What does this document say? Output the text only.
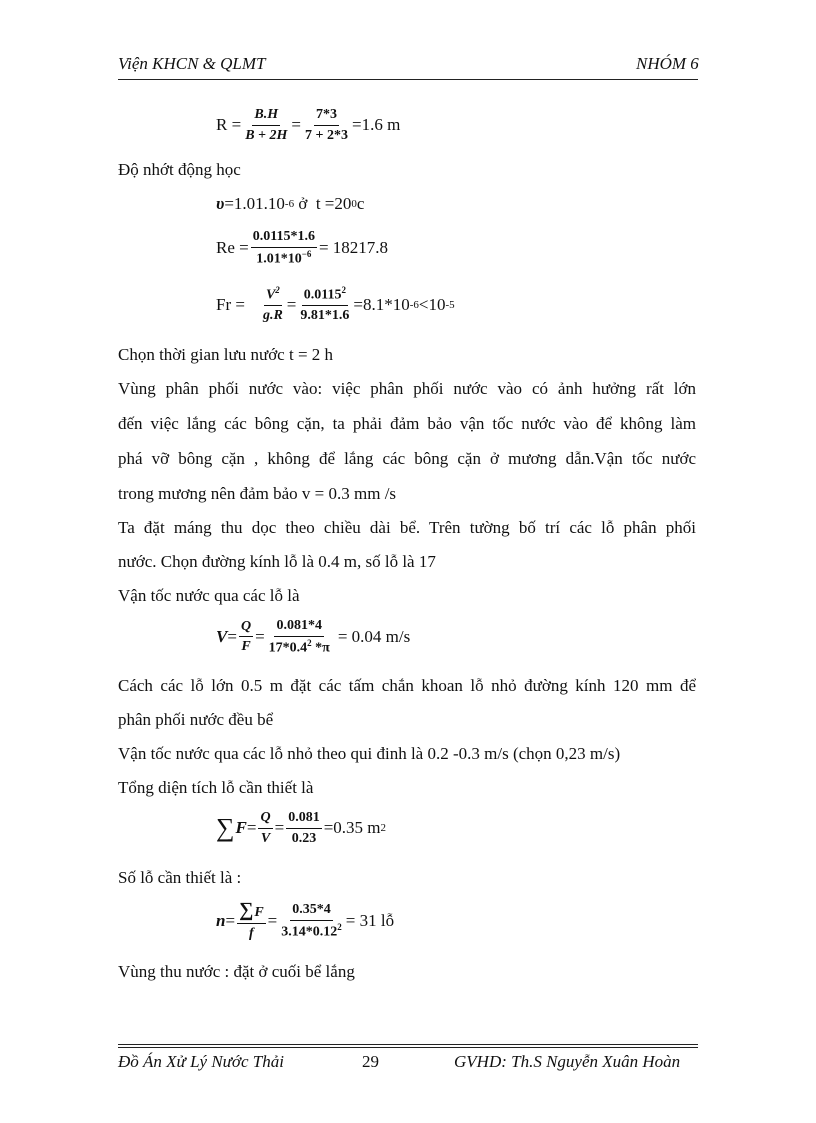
Viện KHCN & QLMT	NHÓM 6
$R = \frac{B.H}{B + 2H} = \frac{7*3}{7 + 2*3} =1.6$ m
Độ nhớt động học
υ =1.01.10 -6 ở  t =20 0 c
$Re = \frac{0.0115*1.6}{1.01*10^{-6}} = 18217.8$
$Fr = \frac{V^2}{g.R} = \frac{0.0115^2}{9.81*1.6} =8.1*10$ -6 <10 -5
Chọn thời gian lưu nước t = 2 h
Vùng phân phối nước vào: việc phân phối nước vào có ảnh hưởng rất lớn
đến việc lắng các bông cặn, ta phải đảm bảo vận tốc nước vào để không làm
phá vỡ bông cặn , không để lắng các bông cặn ở mương dẫn.Vận tốc nước
trong mương nên đảm bảo v = 0.3 mm /s
Ta đặt máng thu dọc theo chiều dài bể. Trên tường bố trí các lỗ phân phối
nước. Chọn đường kính lỗ là 0.4 m, số lỗ là 17
Vận tốc nước qua các lỗ là
$V = \frac{Q}{F} = \frac{0.081*4}{17*0.4^2 *\pi} = 0.04$ m/s
Cách các lỗ lớn 0.5 m đặt các tấm chắn khoan lỗ nhỏ đường kính 120 mm để
phân phối nước đều bể
Vận tốc nước qua các lỗ nhỏ theo qui đinh là 0.2 -0.3 m/s (chọn 0,23 m/s)
Tổng diện tích lỗ cần thiết là
∑ $F = \frac{Q}{V} = \frac{0.081}{0.23} =0.35$ m 2
Số lỗ cần thiết là :
$n = \frac{\sum F}{f} = \frac{0.35*4}{3.14*0.12^2} = 31$ lỗ
Vùng thu nước : đặt ở cuối bể lắng
Đồ Án Xử Lý Nước Thải	29	GVHD: Th.S Nguyễn Xuân Hoàn
